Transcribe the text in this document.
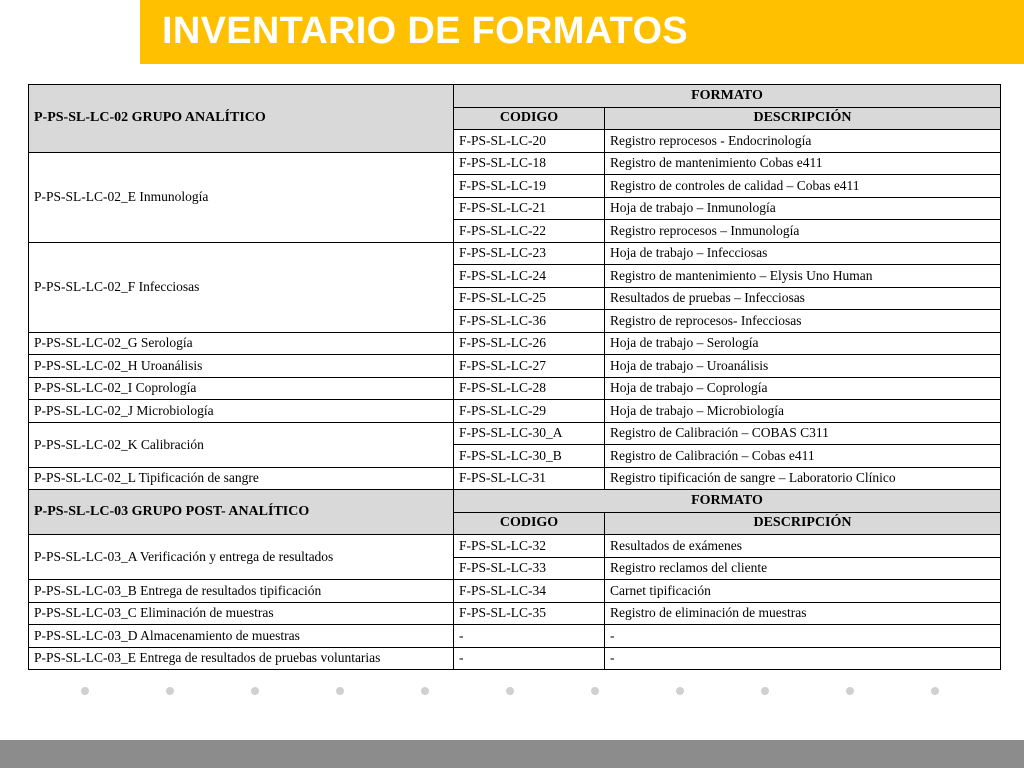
INVENTARIO DE FORMATOS
P-PS-SL-LC-02 GRUPO ANALÍTICO	FORMATO	
	CODIGO	DESCRIPCIÓN
	F-PS-SL-LC-20	Registro reprocesos - Endocrinología
P-PS-SL-LC-02_E Inmunología	F-PS-SL-LC-18	Registro de mantenimiento Cobas e411
	F-PS-SL-LC-19	Registro de controles de calidad – Cobas e411
	F-PS-SL-LC-21	Hoja de trabajo – Inmunología
	F-PS-SL-LC-22	Registro reprocesos – Inmunología
P-PS-SL-LC-02_F Infecciosas	F-PS-SL-LC-23	Hoja de trabajo – Infecciosas
	F-PS-SL-LC-24	Registro de mantenimiento – Elysis Uno Human
	F-PS-SL-LC-25	Resultados de pruebas – Infecciosas
	F-PS-SL-LC-36	Registro de reprocesos- Infecciosas
P-PS-SL-LC-02_G Serología	F-PS-SL-LC-26	Hoja de trabajo – Serología
P-PS-SL-LC-02_H Uroanálisis	F-PS-SL-LC-27	Hoja de trabajo – Uroanálisis
P-PS-SL-LC-02_I Coprología	F-PS-SL-LC-28	Hoja de trabajo – Coprología
P-PS-SL-LC-02_J Microbiología	F-PS-SL-LC-29	Hoja de trabajo – Microbiología
P-PS-SL-LC-02_K Calibración	F-PS-SL-LC-30_A	Registro de Calibración – COBAS C311
	F-PS-SL-LC-30_B	Registro de Calibración – Cobas e411
P-PS-SL-LC-02_L Tipificación de sangre	F-PS-SL-LC-31	Registro tipificación de sangre – Laboratorio Clínico
P-PS-SL-LC-03 GRUPO POST- ANALÍTICO	FORMATO	
	CODIGO	DESCRIPCIÓN
P-PS-SL-LC-03_A Verificación y entrega de resultados	F-PS-SL-LC-32	Resultados de exámenes
	F-PS-SL-LC-33	Registro reclamos del cliente
P-PS-SL-LC-03_B Entrega de resultados tipificación	F-PS-SL-LC-34	Carnet tipificación
P-PS-SL-LC-03_C Eliminación de muestras	F-PS-SL-LC-35	Registro de eliminación de muestras
P-PS-SL-LC-03_D Almacenamiento de muestras	-	-
P-PS-SL-LC-03_E Entrega de resultados de pruebas voluntarias	-	-
